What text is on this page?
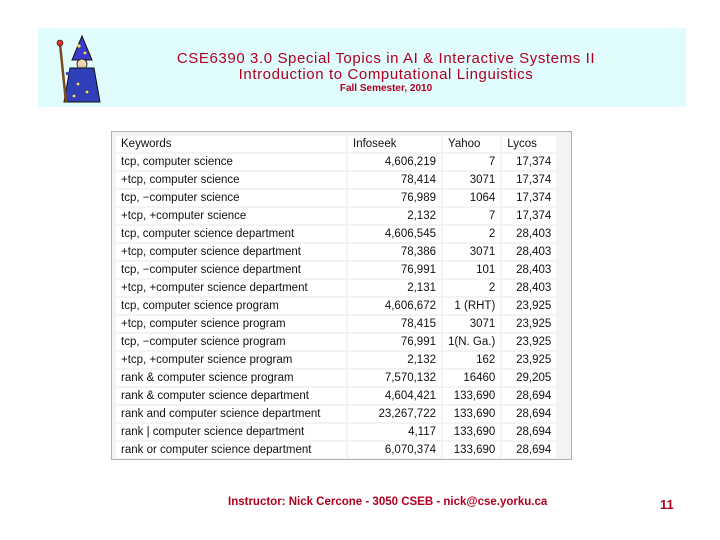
CSE6390 3.0 Special Topics in AI & Interactive Systems II
Introduction to Computational Linguistics
Fall Semester, 2010
Keywords	Infoseek	Yahoo	Lycos
tcp, computer science	4,606,219	7	17,374
+tcp, computer science	78,414	3071	17,374
tcp, −computer science	76,989	1064	17,374
+tcp, +computer science	2,132	7	17,374
tcp, computer science department	4,606,545	2	28,403
+tcp, computer science department	78,386	3071	28,403
tcp, −computer science department	76,991	101	28,403
+tcp, +computer science department	2,131	2	28,403
tcp, computer science program	4,606,672	1 (RHT)	23,925
+tcp, computer science program	78,415	3071	23,925
tcp, −computer science program	76,991	1(N. Ga.)	23,925
+tcp, +computer science program	2,132	162	23,925
rank & computer science program	7,570,132	16460	29,205
rank & computer science department	4,604,421	133,690	28,694
rank and computer science department	23,267,722	133,690	28,694
rank | computer science department	4,117	133,690	28,694
rank or computer science department	6,070,374	133,690	28,694
Instructor: Nick Cercone - 3050 CSEB - nick@cse.yorku.ca	11
